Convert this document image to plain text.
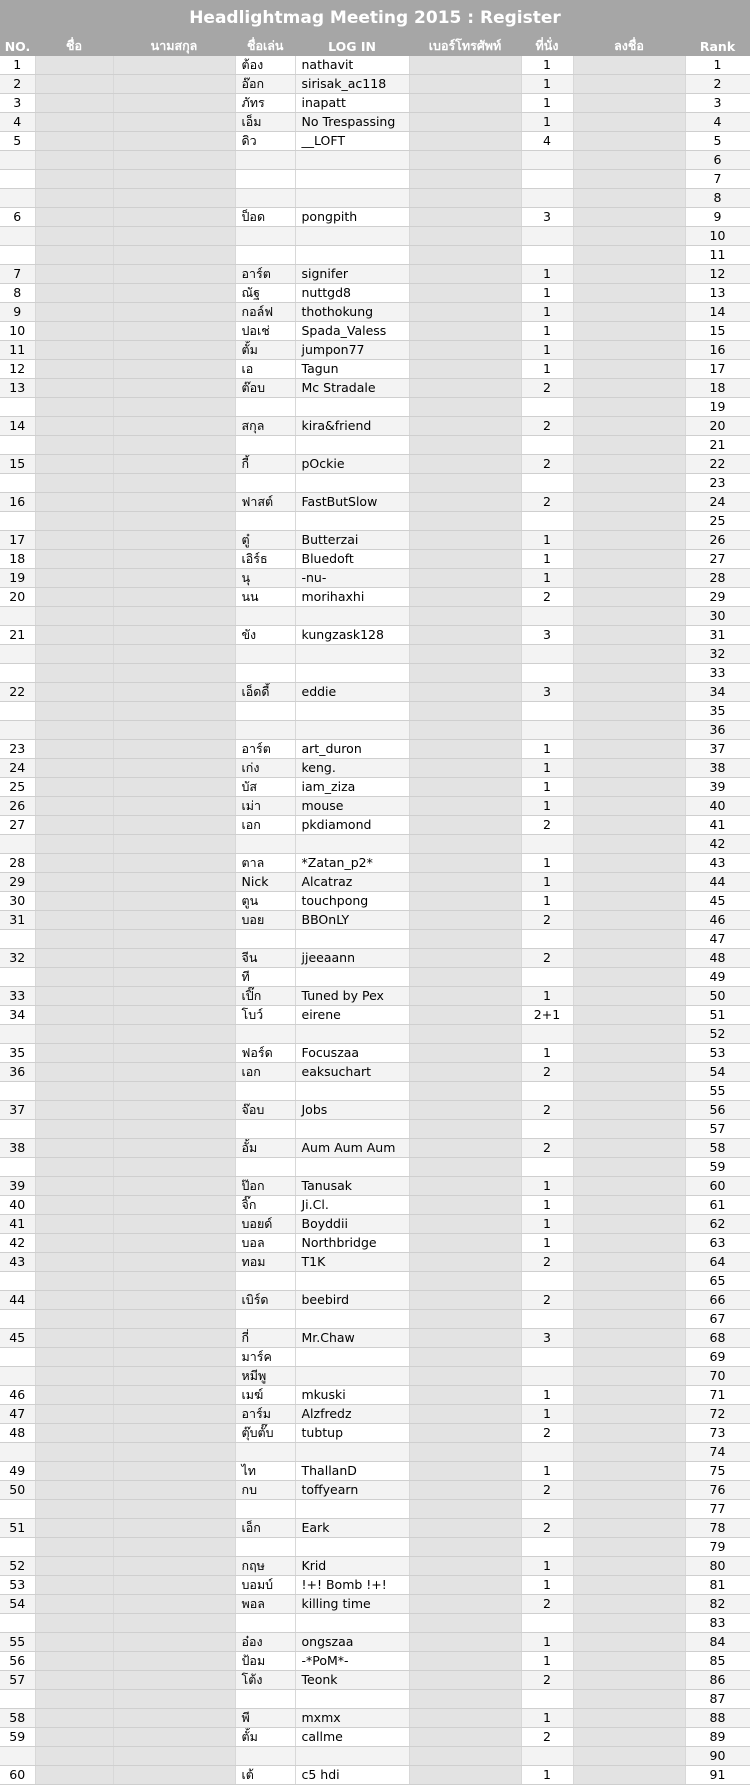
Headlightmag Meeting 2015 : Register
NO.	ชื่อ	นามสกุล	ชื่อเล่น	LOG IN	เบอร์โทรศัพท์	ที่นั่ง	ลงชื่อ	Rank
1			ต้อง	nathavit		1		1
2			อ๊อก	sirisak_ac118		1		2
3			ภัทร	inapatt		1		3
4			เอ็ม	No Trespassing		1		4
5			ดิว	__LOFT		4		5
								6
								7
								8
6			ป็อด	pongpith		3		9
								10
								11
7			อาร์ต	signifer		1		12
8			ณัฐ	nuttgd8		1		13
9			กอล์ฟ	thothokung		1		14
10			ปอเช่	Spada_Valess		1		15
11			ตั้ม	jumpon77		1		16
12			เอ	Tagun		1		17
13			ต๊อบ	Mc Stradale		2		18
								19
14			สกุล	kira&friend		2		20
								21
15			กี้	pOckie		2		22
								23
16			ฟาสต์	FastButSlow		2		24
								25
17			ตู๋	Butterzai		1		26
18			เอิร์ธ	Bluedoft		1		27
19			นุ	-nu-		1		28
20			นน	morihaxhi		2		29
								30
21			ขัง	kungzask128		3		31
								32
								33
22			เอ็ดดี้	eddie		3		34
								35
								36
23			อาร์ต	art_duron		1		37
24			เก่ง	keng.		1		38
25			บัส	iam_ziza		1		39
26			เม่า	mouse		1		40
27			เอก	pkdiamond		2		41
								42
28			ตาล	*Zatan_p2*		1		43
29			Nick	Alcatraz		1		44
30			ตูน	touchpong		1		45
31			บอย	BBOnLY		2		46
								47
32			จีน	jjeeaann		2		48
			ที					49
33			เปิ๊ก	Tuned by Pex		1		50
34			โบว์	eirene		2+1		51
								52
35			ฟอร์ด	Focuszaa		1		53
36			เอก	eaksuchart		2		54
								55
37			จ๊อบ	Jobs		2		56
								57
38			อั้ม	Aum Aum Aum		2		58
								59
39			ป๊อก	Tanusak		1		60
40			จิ๊ก	Ji.Cl.		1		61
41			บอยด์	Boyddii		1		62
42			บอล	Northbridge		1		63
43			ทอม	T1K		2		64
								65
44			เบิร์ด	beebird		2		66
								67
45			กี่	Mr.Chaw		3		68
			มาร์ค					69
			หมีพู					70
46			เมฆ์	mkuski		1		71
47			อาร์ม	Alzfredz		1		72
48			ตุ๊บตั๊บ	tubtup		2		73
								74
49			ไท	ThallanD		1		75
50			กบ	toffyearn		2		76
								77
51			เอ็ก	Eark		2		78
								79
52			กฤษ	Krid		1		80
53			บอมบ์	!+! Bomb !+!		1		81
54			พอล	killing time		2		82
								83
55			อ๋อง	ongszaa		1		84
56			ป้อม	-*PoM*-		1		85
57			โต้ง	Teonk		2		86
								87
58			พี	mxmx		1		88
59			ตั้ม	callme		2		89
								90
60			เต้	c5 hdi		1		91
